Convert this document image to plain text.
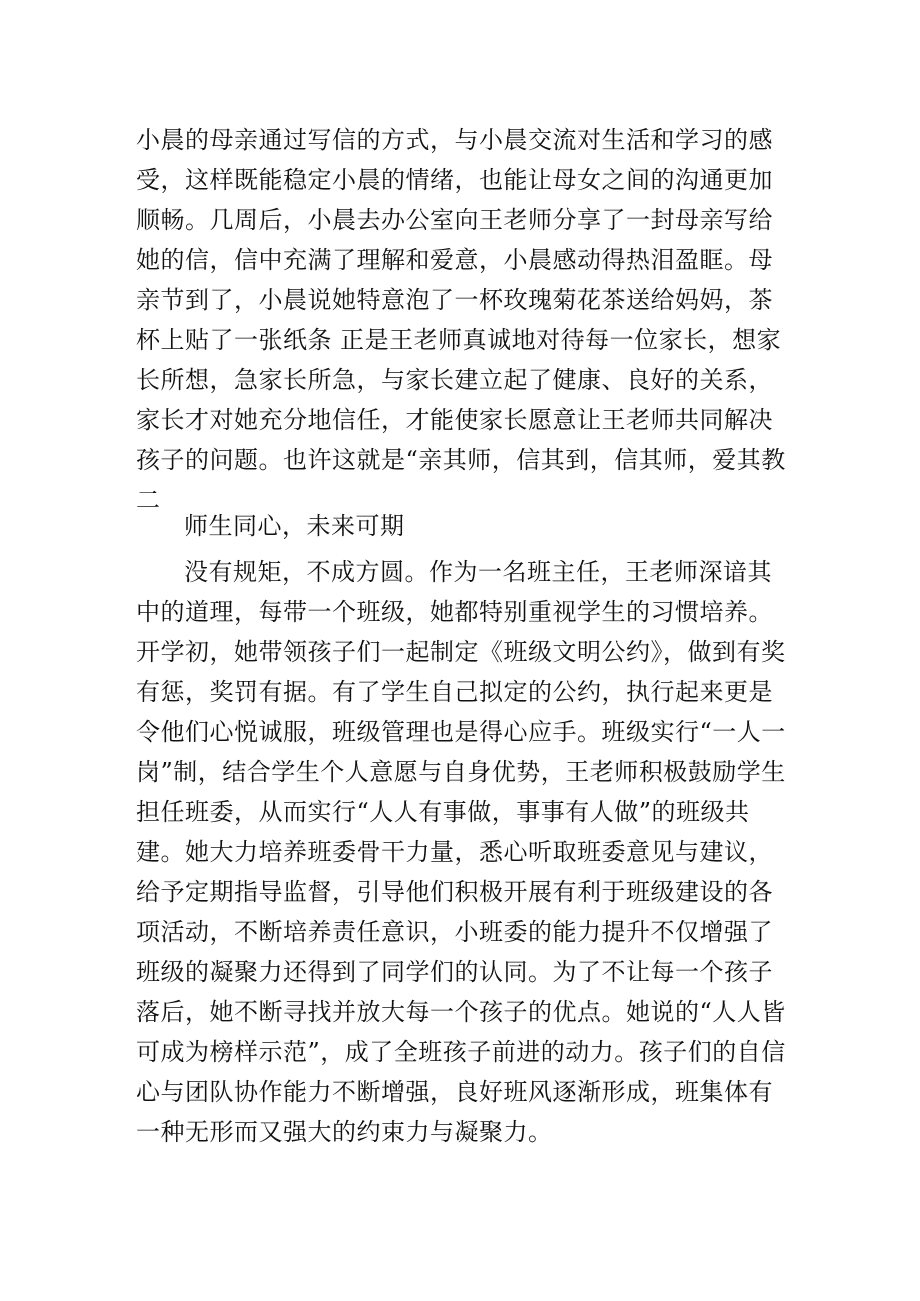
小晨的母亲通过写信的方式，与小晨交流对生活和学习的感受，这样既能稳定小晨的情绪，也能让母女之间的沟通更加顺畅。几周后，小晨去办公室向王老师分享了一封母亲写给她的信，信中充满了理解和爱意，小晨感动得热泪盈眶。母亲节到了，小晨说她特意泡了一杯玫瑰菊花茶送给妈妈，茶杯上贴了一张纸条 正是王老师真诚地对待每一位家长，想家长所想，急家长所急，与家长建立起了健康、良好的关系，家长才对她充分地信任，才能使家长愿意让王老师共同解决孩子的问题。也许这就是“亲其师，信其到，信其师，爱其教二

师生同心，未来可期

没有规矩，不成方圆。作为一名班主任，王老师深谙其中的道理，每带一个班级，她都特别重视学生的习惯培养。开学初，她带领孩子们一起制定《班级文明公约》，做到有奖有惩，奖罚有据。有了学生自己拟定的公约，执行起来更是令他们心悦诚服，班级管理也是得心应手。班级实行“一人一岗”制，结合学生个人意愿与自身优势，王老师积极鼓励学生担任班委，从而实行“人人有事做，事事有人做”的班级共建。她大力培养班委骨干力量，悉心听取班委意见与建议，给予定期指导监督，引导他们积极开展有利于班级建设的各项活动，不断培养责任意识，小班委的能力提升不仅增强了班级的凝聚力还得到了同学们的认同。为了不让每一个孩子落后，她不断寻找并放大每一个孩子的优点。她说的“人人皆可成为榜样示范”，成了全班孩子前进的动力。孩子们的自信心与团队协作能力不断增强，良好班风逐渐形成，班集体有一种无形而又强大的约束力与凝聚力。
